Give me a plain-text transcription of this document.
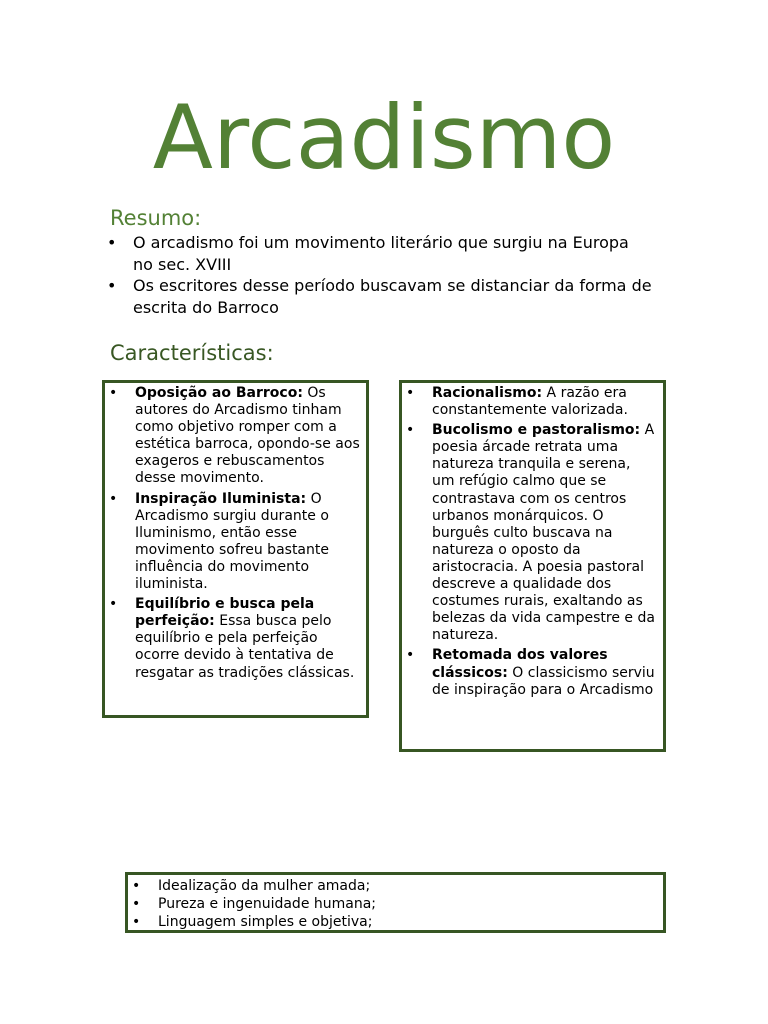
Arcadismo
Resumo:
• O arcadismo foi um movimento literário que surgiu na Europa no sec. XVIII
• Os escritores desse período buscavam se distanciar da forma de escrita do Barroco
Características:
• Oposição ao Barroco: Os autores do Arcadismo tinham como objetivo romper com a estética barroca, opondo-se aos exageros e rebuscamentos desse movimento.
• Inspiração Iluminista: O Arcadismo surgiu durante o Iluminismo, então esse movimento sofreu bastante influência do movimento iluminista.
• Equilíbrio e busca pela perfeição: Essa busca pelo equilíbrio e pela perfeição ocorre devido à tentativa de resgatar as tradições clássicas.
• Racionalismo: A razão era constantemente valorizada.
• Bucolismo e pastoralismo: A poesia árcade retrata uma natureza tranquila e serena, um refúgio calmo que se contrastava com os centros urbanos monárquicos. O burguês culto buscava na natureza o oposto da aristocracia. A poesia pastoral descreve a qualidade dos costumes rurais, exaltando as belezas da vida campestre e da natureza.
• Retomada dos valores clássicos: O classicismo serviu de inspiração para o Arcadismo
• Idealização da mulher amada;
• Pureza e ingenuidade humana;
• Linguagem simples e objetiva;
